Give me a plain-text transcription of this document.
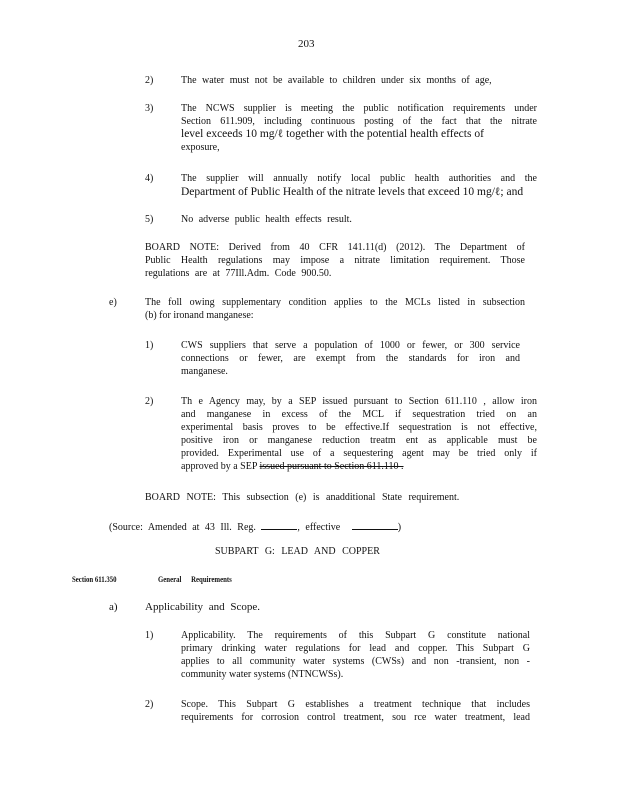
203
2)	The water must not be available to children under six months of age,
3)	The NCWS supplier is meeting the public notification requirements under
Section 611.909, including continuous posting of the fact that the nitrate
level exceeds 10 mg/ℓ together with the potential health effects of
exposure,
4)	The supplier will annually notify local public health authorities and the
Department of Public Health of the nitrate levels that exceed 10 mg/ℓ; and
5)	No adverse public health effects result.
BOARD NOTE: Derived from 40 CFR 141.11(d) (2012). The Department of
Public Health regulations may impose a nitrate limitation requirement. Those
regulations are at 77Ill.Adm. Code 900.50.
e)	The foll owing supplementary condition applies to the MCLs listed in subsection
(b) for ironand manganese:
1)	CWS suppliers that serve a population of 1000 or fewer, or 300 service
connections or fewer, are exempt from the standards for iron and
manganese.
2)	Th e Agency may, by a SEP issued pursuant to Section 611.110 , allow iron
and manganese in excess of the MCL if sequestration tried on an
experimental basis proves to be effective.If sequestration is not effective,
positive iron or manganese reduction treatm ent as applicable must be
provided. Experimental use of a sequestering agent may be tried only if
approved by a SEP issued pursuant to Section 611.110 .
BOARD NOTE: This subsection (e) is anadditional State requirement.
(Source: Amended at 43 Ill. Reg.	, effective	)
SUBPART G: LEAD AND COPPER
Section 611.350	General Requirements
a) Applicability and Scope.
1)	Applicability. The requirements of this Subpart G constitute national
primary drinking water regulations for lead and copper. This Subpart G
applies to all community water systems (CWSs) and non -transient, non -
community water systems (NTNCWSs).
2)	Scope. This Subpart G establishes a treatment technique that includes
requirements for corrosion control treatment, sou rce water treatment, lead
